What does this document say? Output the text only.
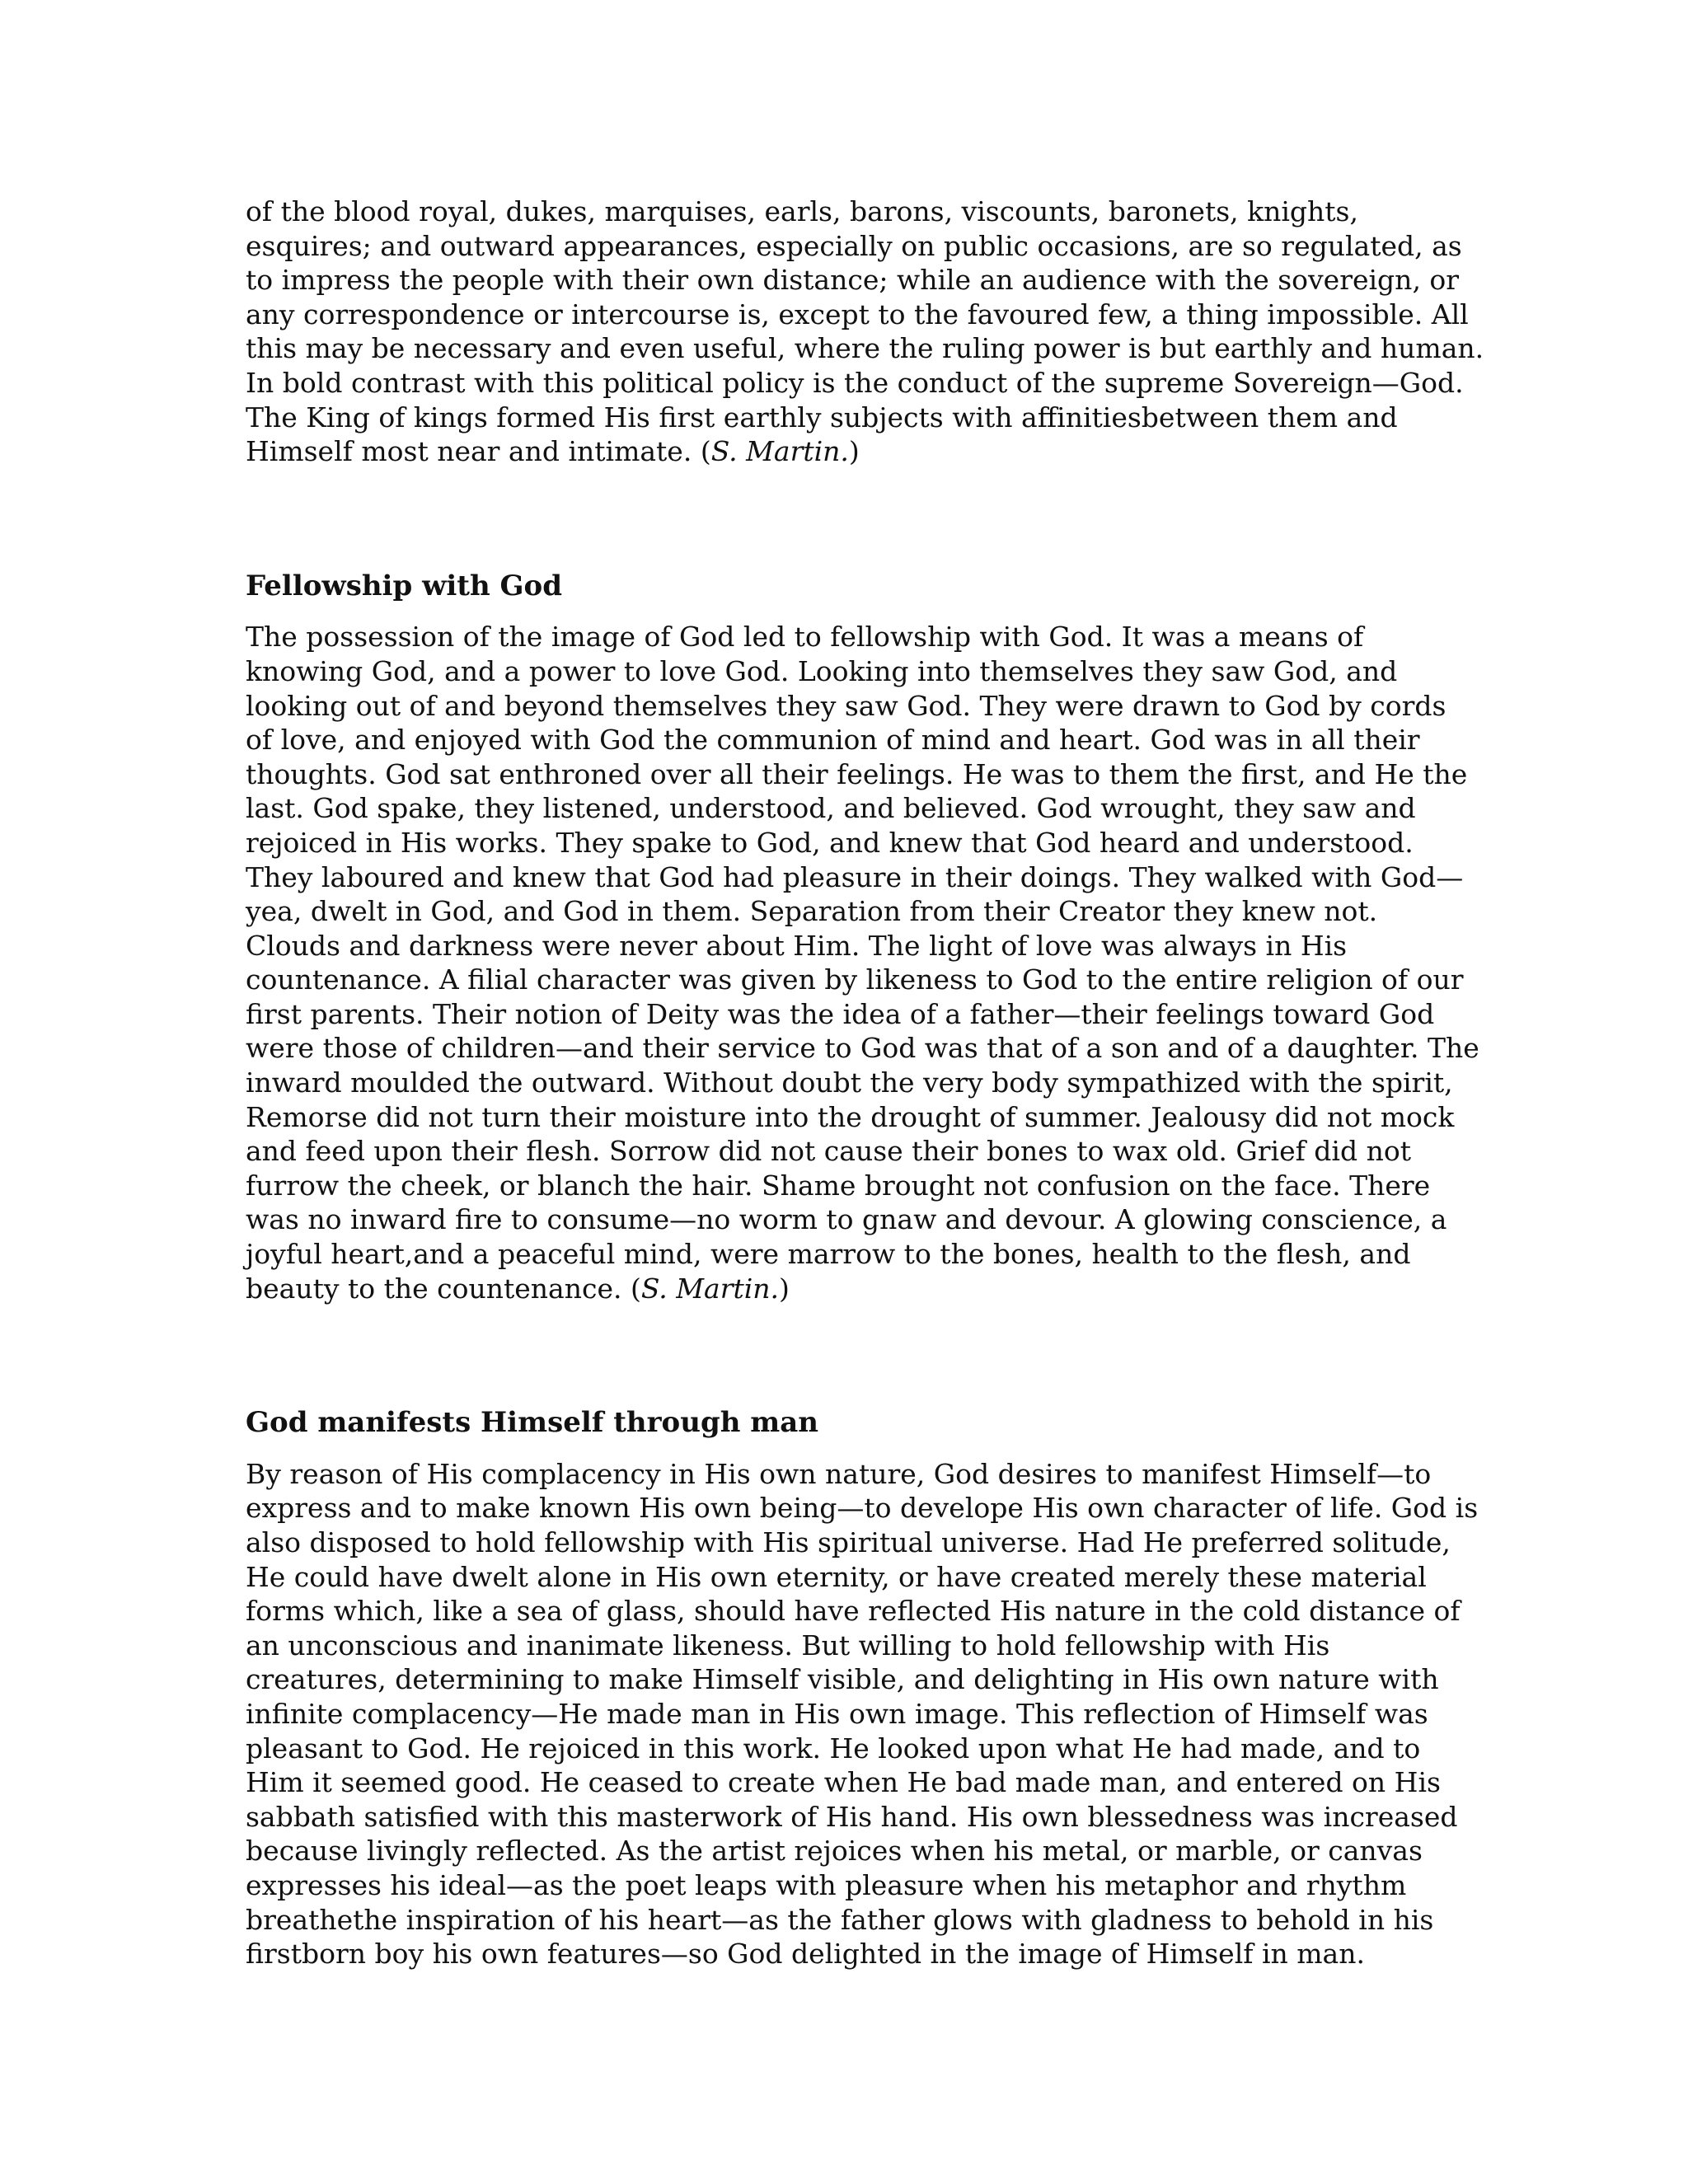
of the blood royal, dukes, marquises, earls, barons, viscounts, baronets, knights,
esquires; and outward appearances, especially on public occasions, are so regulated, as
to impress the people with their own distance; while an audience with the sovereign, or
any correspondence or intercourse is, except to the favoured few, a thing impossible. All
this may be necessary and even useful, where the ruling power is but earthly and human.
In bold contrast with this political policy is the conduct of the supreme Sovereign—God.
The King of kings formed His first earthly subjects with affinitiesbetween them and
Himself most near and intimate. (S. Martin.)

Fellowship with God

The possession of the image of God led to fellowship with God. It was a means of
knowing God, and a power to love God. Looking into themselves they saw God, and
looking out of and beyond themselves they saw God. They were drawn to God by cords
of love, and enjoyed with God the communion of mind and heart. God was in all their
thoughts. God sat enthroned over all their feelings. He was to them the first, and He the
last. God spake, they listened, understood, and believed. God wrought, they saw and
rejoiced in His works. They spake to God, and knew that God heard and understood.
They laboured and knew that God had pleasure in their doings. They walked with God—
yea, dwelt in God, and God in them. Separation from their Creator they knew not.
Clouds and darkness were never about Him. The light of love was always in His
countenance. A filial character was given by likeness to God to the entire religion of our
first parents. Their notion of Deity was the idea of a father—their feelings toward God
were those of children—and their service to God was that of a son and of a daughter. The
inward moulded the outward. Without doubt the very body sympathized with the spirit,
Remorse did not turn their moisture into the drought of summer. Jealousy did not mock
and feed upon their flesh. Sorrow did not cause their bones to wax old. Grief did not
furrow the cheek, or blanch the hair. Shame brought not confusion on the face. There
was no inward fire to consume—no worm to gnaw and devour. A glowing conscience, a
joyful heart,and a peaceful mind, were marrow to the bones, health to the flesh, and
beauty to the countenance. (S. Martin.)

God manifests Himself through man

By reason of His complacency in His own nature, God desires to manifest Himself—to
express and to make known His own being—to develope His own character of life. God is
also disposed to hold fellowship with His spiritual universe. Had He preferred solitude,
He could have dwelt alone in His own eternity, or have created merely these material
forms which, like a sea of glass, should have reflected His nature in the cold distance of
an unconscious and inanimate likeness. But willing to hold fellowship with His
creatures, determining to make Himself visible, and delighting in His own nature with
infinite complacency—He made man in His own image. This reflection of Himself was
pleasant to God. He rejoiced in this work. He looked upon what He had made, and to
Him it seemed good. He ceased to create when He bad made man, and entered on His
sabbath satisfied with this masterwork of His hand. His own blessedness was increased
because livingly reflected. As the artist rejoices when his metal, or marble, or canvas
expresses his ideal—as the poet leaps with pleasure when his metaphor and rhythm
breathethe inspiration of his heart—as the father glows with gladness to behold in his
firstborn boy his own features—so God delighted in the image of Himself in man.
